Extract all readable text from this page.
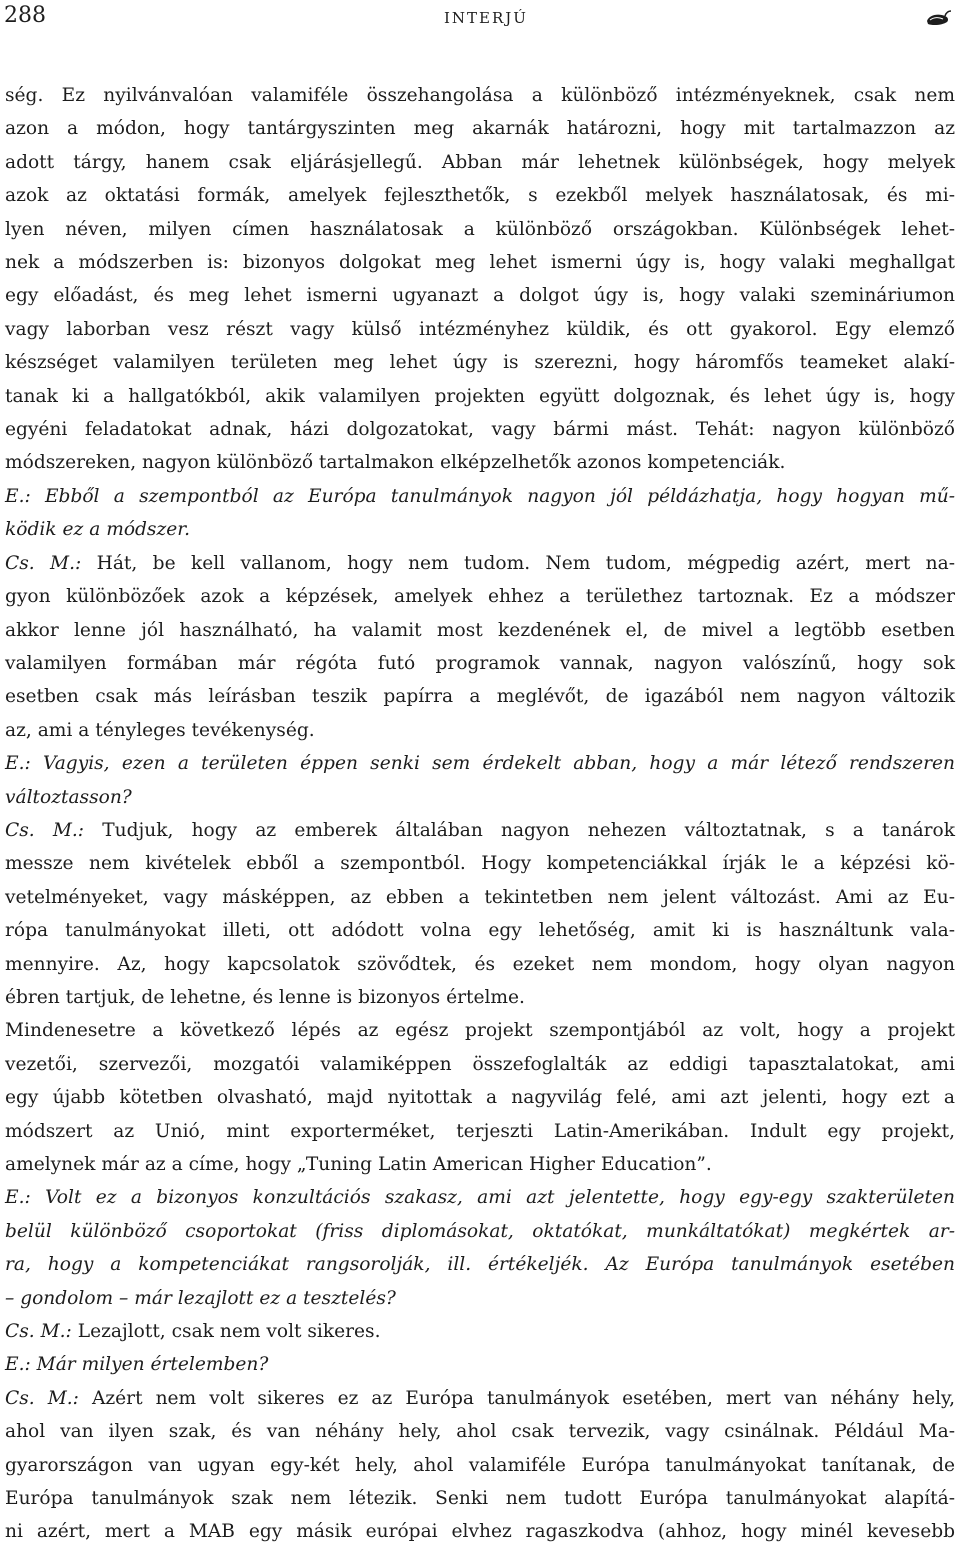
288	INTERJÚ
ség. Ez nyilvánvalóan valamiféle összehangolása a különböző intézményeknek, csak nem
azon a módon, hogy tantárgyszinten meg akarnák határozni, hogy mit tartalmazzon az
adott tárgy, hanem csak eljárásjellegű. Abban már lehetnek különbségek, hogy melyek
azok az oktatási formák, amelyek fejleszthetők, s ezekből melyek használatosak, és mi-
lyen néven, milyen címen használatosak a különböző országokban. Különbségek lehet-
nek a módszerben is: bizonyos dolgokat meg lehet ismerni úgy is, hogy valaki meghallgat
egy előadást, és meg lehet ismerni ugyanazt a dolgot úgy is, hogy valaki szemináriumon
vagy laborban vesz részt vagy külső intézményhez küldik, és ott gyakorol. Egy elemző
készséget valamilyen területen meg lehet úgy is szerezni, hogy háromfős teameket alakí-
tanak ki a hallgatókból, akik valamilyen projekten együtt dolgoznak, és lehet úgy is, hogy
egyéni feladatokat adnak, házi dolgozatokat, vagy bármi mást. Tehát: nagyon különböző
módszereken, nagyon különböző tartalmakon elképzelhetők azonos kompetenciák.
E.: Ebből a szempontból az Európa tanulmányok nagyon jól példázhatja, hogy hogyan mű-
ködik ez a módszer.
Cs. M.: Hát, be kell vallanom, hogy nem tudom. Nem tudom, mégpedig azért, mert na-
gyon különbözőek azok a képzések, amelyek ehhez a területhez tartoznak. Ez a módszer
akkor lenne jól használható, ha valamit most kezdenének el, de mivel a legtöbb esetben
valamilyen formában már régóta futó programok vannak, nagyon valószínű, hogy sok
esetben csak más leírásban teszik papírra a meglévőt, de igazából nem nagyon változik
az, ami a tényleges tevékenység.
E.: Vagyis, ezen a területen éppen senki sem érdekelt abban, hogy a már létező rendszeren
változtasson?
Cs. M.: Tudjuk, hogy az emberek általában nagyon nehezen változtatnak, s a tanárok
messze nem kivételek ebből a szempontból. Hogy kompetenciákkal írják le a képzési kö-
vetelményeket, vagy másképpen, az ebben a tekintetben nem jelent változást. Ami az Eu-
rópa tanulmányokat illeti, ott adódott volna egy lehetőség, amit ki is használtunk vala-
mennyire. Az, hogy kapcsolatok szövődtek, és ezeket nem mondom, hogy olyan nagyon
ébren tartjuk, de lehetne, és lenne is bizonyos értelme.
Mindenesetre a következő lépés az egész projekt szempontjából az volt, hogy a projekt
vezetői, szervezői, mozgatói valamiképpen összefoglalták az eddigi tapasztalatokat, ami
egy újabb kötetben olvasható, majd nyitottak a nagyvilág felé, ami azt jelenti, hogy ezt a
módszert az Unió, mint exporterméket, terjeszti Latin-Amerikában. Indult egy projekt,
amelynek már az a címe, hogy „Tuning Latin American Higher Education”.
E.: Volt ez a bizonyos konzultációs szakasz, ami azt jelentette, hogy egy-egy szakterületen
belül különböző csoportokat (friss diplomásokat, oktatókat, munkáltatókat) megkértek ar-
ra, hogy a kompetenciákat rangsorolják, ill. értékeljék. Az Európa tanulmányok esetében
– gondolom – már lezajlott ez a tesztelés?
Cs. M.: Lezajlott, csak nem volt sikeres.
E.: Már milyen értelemben?
Cs. M.: Azért nem volt sikeres ez az Európa tanulmányok esetében, mert van néhány hely,
ahol van ilyen szak, és van néhány hely, ahol csak tervezik, vagy csinálnak. Például Ma-
gyarországon van ugyan egy-két hely, ahol valamiféle Európa tanulmányokat tanítanak, de
Európa tanulmányok szak nem létezik. Senki nem tudott Európa tanulmányokat alapítá-
ni azért, mert a MAB egy másik európai elvhez ragaszkodva (ahhoz, hogy minél kevesebb
